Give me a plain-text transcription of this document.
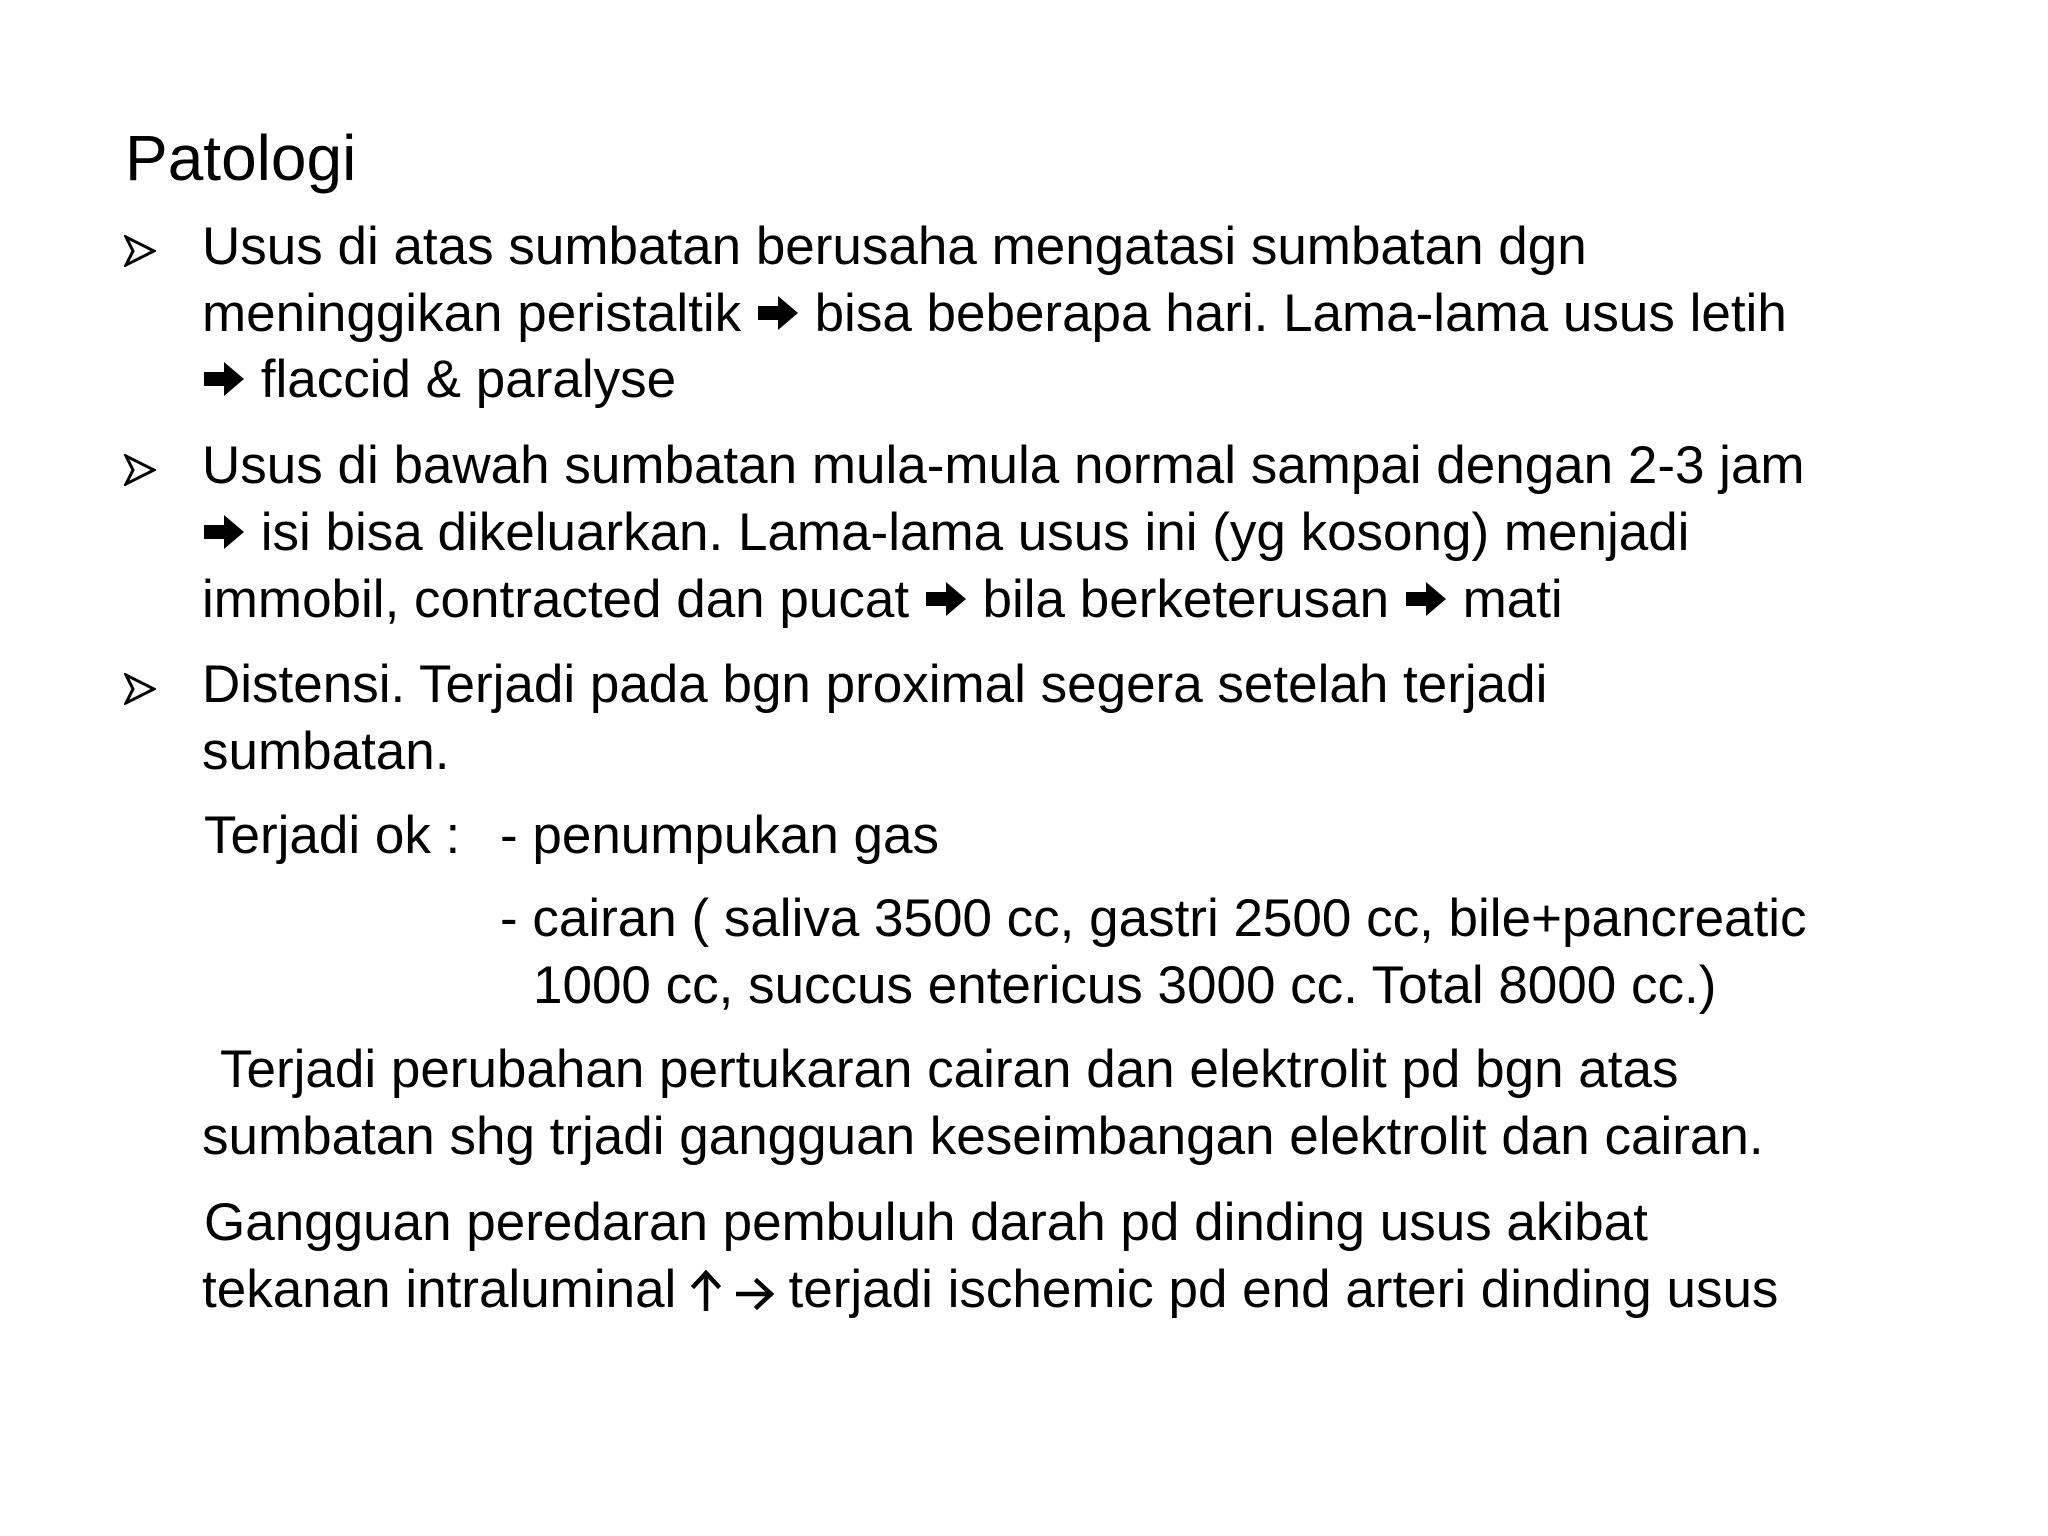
Patologi
Usus di atas sumbatan berusaha mengatasi sumbatan dgn
meninggikan peristaltik bisa beberapa hari. Lama-lama usus letih
flaccid & paralyse
Usus di bawah sumbatan mula-mula normal sampai dengan 2-3 jam
isi bisa dikeluarkan. Lama-lama usus ini (yg kosong) menjadi
immobil, contracted dan pucat bila berketerusan mati
Distensi. Terjadi pada bgn proximal segera setelah terjadi
sumbatan.
Terjadi ok : - penumpukan gas
- cairan ( saliva 3500 cc, gastri 2500 cc, bile+pancreatic
1000 cc, succus entericus 3000 cc. Total 8000 cc.)
Terjadi perubahan pertukaran cairan dan elektrolit pd bgn atas
sumbatan shg trjadi gangguan keseimbangan elektrolit dan cairan.
Gangguan peredaran pembuluh darah pd dinding usus akibat
tekanan intraluminal terjadi ischemic pd end arteri dinding usus
